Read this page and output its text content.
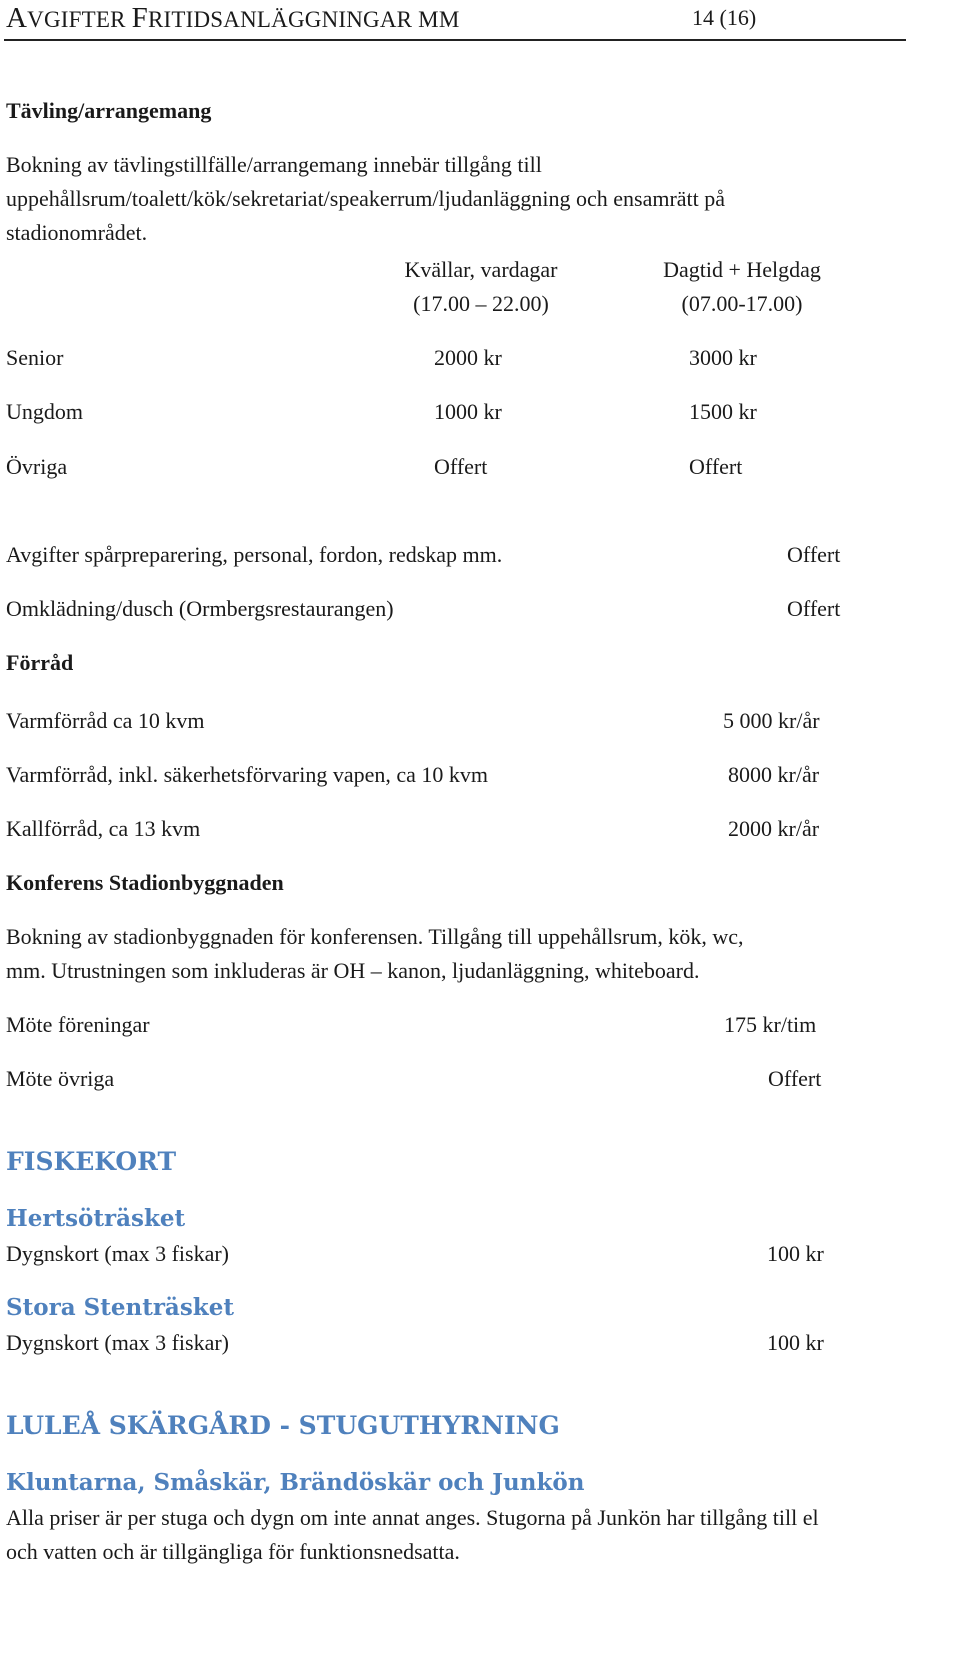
AVGIFTER FRITIDSANLÄGGNINGAR MM	14 (16)
Tävling/arrangemang
Bokning av tävlingstillfälle/arrangemang innebär tillgång till
uppehållsrum/toalett/kök/sekretariat/speakerrum/ljudanläggning och ensamrätt på
stadionområdet.
Kvällar, vardagar
(17.00 – 22.00)
Dagtid + Helgdag
(07.00-17.00)
Senior	2000 kr	3000 kr
Ungdom	1000 kr	1500 kr
Övriga	Offert	Offert
Avgifter spårpreparering, personal, fordon, redskap mm.	Offert
Omklädning/dusch (Ormbergsrestaurangen)	Offert
Förråd
Varmförråd ca 10 kvm	5 000 kr/år
Varmförråd, inkl. säkerhetsförvaring vapen, ca 10 kvm	8000 kr/år
Kallförråd, ca 13 kvm	2000 kr/år
Konferens Stadionbyggnaden
Bokning av stadionbyggnaden för konferensen. Tillgång till uppehållsrum, kök, wc,
mm. Utrustningen som inkluderas är OH – kanon, ljudanläggning, whiteboard.
Möte föreningar	175 kr/tim
Möte övriga	Offert
FISKEKORT
Hertsöträsket
Dygnskort (max 3 fiskar)	100 kr
Stora Stenträsket
Dygnskort (max 3 fiskar)	100 kr
LULEÅ SKÄRGÅRD - STUGUTHYRNING
Kluntarna, Småskär, Brändöskär och Junkön
Alla priser är per stuga och dygn om inte annat anges. Stugorna på Junkön har tillgång till el
och vatten och är tillgängliga för funktionsnedsatta.
